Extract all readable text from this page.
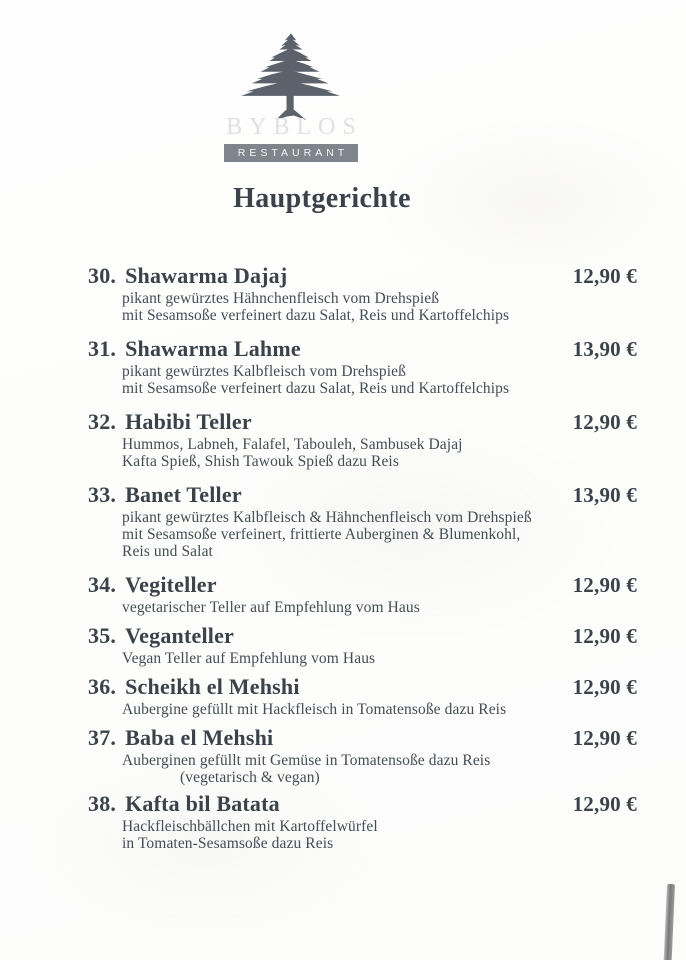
BYBLOS
RESTAURANT
Hauptgerichte
30. Shawarma Dajaj	12,90 €
pikant gewürztes Hähnchenfleisch vom Drehspieß
mit Sesamsoße verfeinert dazu Salat, Reis und Kartoffelchips
31. Shawarma Lahme	13,90 €
pikant gewürztes Kalbfleisch vom Drehspieß
mit Sesamsoße verfeinert dazu Salat, Reis und Kartoffelchips
32. Habibi Teller	12,90 €
Hummos, Labneh, Falafel, Tabouleh, Sambusek Dajaj
Kafta Spieß, Shish Tawouk Spieß dazu Reis
33. Banet Teller	13,90 €
pikant gewürztes Kalbfleisch & Hähnchenfleisch vom Drehspieß
mit Sesamsoße verfeinert, frittierte Auberginen & Blumenkohl,
Reis und Salat
34. Vegiteller	12,90 €
vegetarischer Teller auf Empfehlung vom Haus
35. Veganteller	12,90 €
Vegan Teller auf Empfehlung vom Haus
36. Scheikh el Mehshi	12,90 €
Aubergine gefüllt mit Hackfleisch in Tomatensoße dazu Reis
37. Baba el Mehshi	12,90 €
Auberginen gefüllt mit Gemüse in Tomatensoße dazu Reis
(vegetarisch & vegan)
38. Kafta bil Batata	12,90 €
Hackfleischbällchen mit Kartoffelwürfel
in Tomaten-Sesamsoße dazu Reis
